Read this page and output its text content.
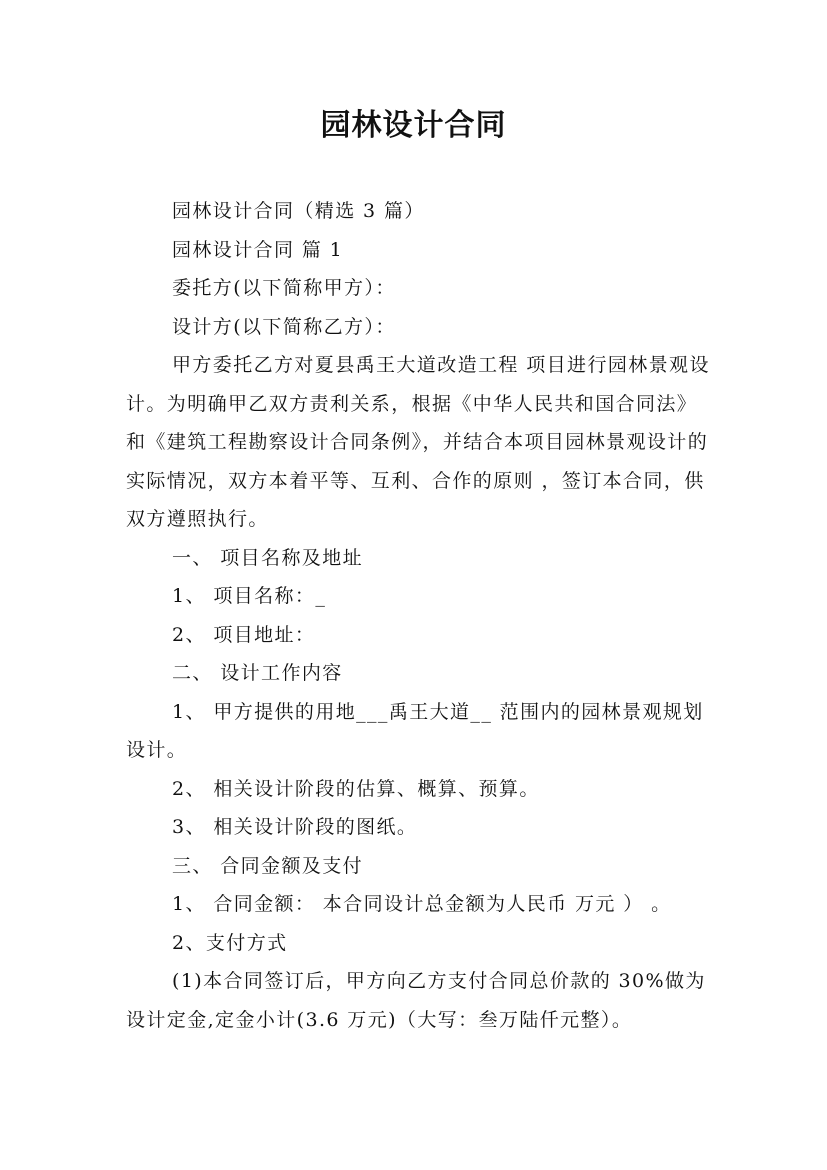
园林设计合同

园林设计合同（精选 3 篇）

园林设计合同 篇 1

委托方(以下简称甲方）：

设计方(以下简称乙方）：

甲方委托乙方对夏县禹王大道改造工程 项目进行园林景观设计。为明确甲乙双方责利关系，根据《中华人民共和国合同法》和《建筑工程勘察设计合同条例》，并结合本项目园林景观设计的实际情况，双方本着平等、互利、合作的原则 ，签订本合同，供双方遵照执行。

一、 项目名称及地址

1、 项目名称：_

2、 项目地址：

二、 设计工作内容

1、 甲方提供的用地___禹王大道__ 范围内的园林景观规划设计。

2、 相关设计阶段的估算、概算、预算。

3、 相关设计阶段的图纸。

三、 合同金额及支付

1、 合同金额： 本合同设计总金额为人民币 万元 ） 。

2、支付方式

(1)本合同签订后，甲方向乙方支付合同总价款的 30%做为设计定金,定金小计(3.6 万元)（大写：叁万陆仟元整）。
